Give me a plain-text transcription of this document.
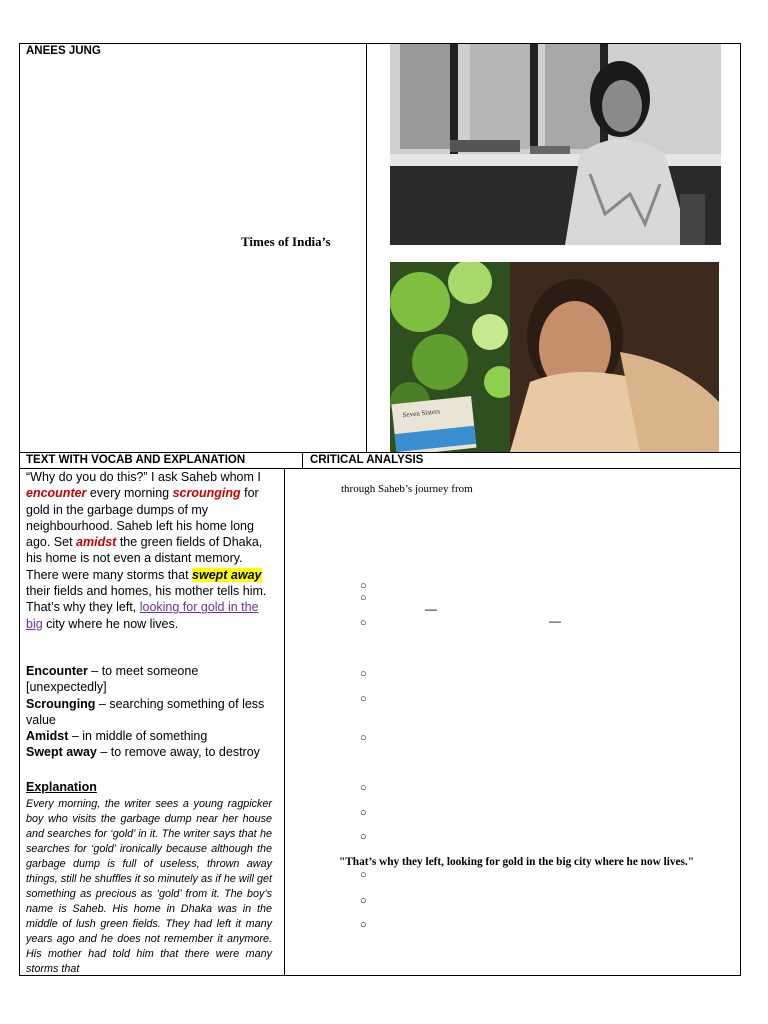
ANEES JUNG
Times of India’s
Seven Sisters
TEXT WITH VOCAB AND EXPLANATION	CRITICAL ANALYSIS
“Why do you do this?” I ask Saheb whom I encounter every morning scrounging for gold in the garbage dumps of my neighbourhood. Saheb left his home long ago. Set amidst the green fields of Dhaka, his home is not even a distant memory. There were many storms that swept away their fields and homes, his mother tells him. That’s why they left, looking for gold in the big city where he now lives.

Encounter – to meet someone [unexpectedly]

Scrounging – searching something of less value

Amidst – in middle of something

Swept away – to remove away, to destroy

Explanation
Every morning, the writer sees a young ragpicker boy who visits the garbage dump near her house and searches for ‘gold’ in it. The writer says that he searches for ‘gold’ ironically because although the garbage dump is full of useless, thrown away things, still he shuffles it so minutely as if he will get something as precious as ‘gold’ from it. The boy’s name is Saheb. His home in Dhaka was in the middle of lush green fields. They had left it many years ago and he does not remember it anymore. His mother had told him that there were many storms that
through Saheb’s journey from
○
○
—
○	—
○
○
○
○
○
○
"That’s why they left, looking for gold in the big city where he now lives."
○
○
○
